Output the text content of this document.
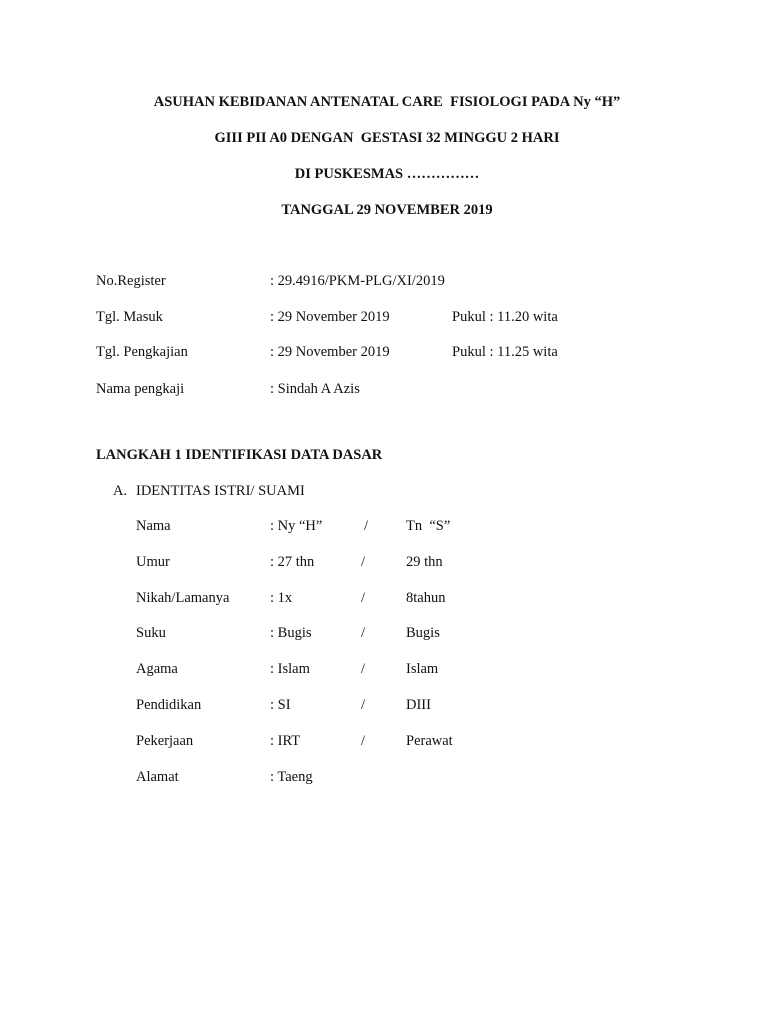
ASUHAN KEBIDANAN ANTENATAL CARE  FISIOLOGI PADA Ny “H”
GIII PII A0 DENGAN  GESTASI 32 MINGGU 2 HARI
DI PUSKESMAS ……………
TANGGAL 29 NOVEMBER 2019
No.Register	: 29.4916/PKM-PLG/XI/2019
Tgl. Masuk	: 29 November 2019	Pukul : 11.20 wita
Tgl. Pengkajian	: 29 November 2019	Pukul : 11.25 wita
Nama pengkaji	: Sindah A Azis
LANGKAH 1 IDENTIFIKASI DATA DASAR
A. IDENTITAS ISTRI/ SUAMI
Nama	: Ny “H”	/	Tn  “S”
Umur	: 27 thn	/	29 thn
Nikah/Lamanya	: 1x	/	8tahun
Suku	: Bugis	/	Bugis
Agama	: Islam	/	Islam
Pendidikan	: SI	/	DIII
Pekerjaan	: IRT	/	Perawat
Alamat	: Taeng
